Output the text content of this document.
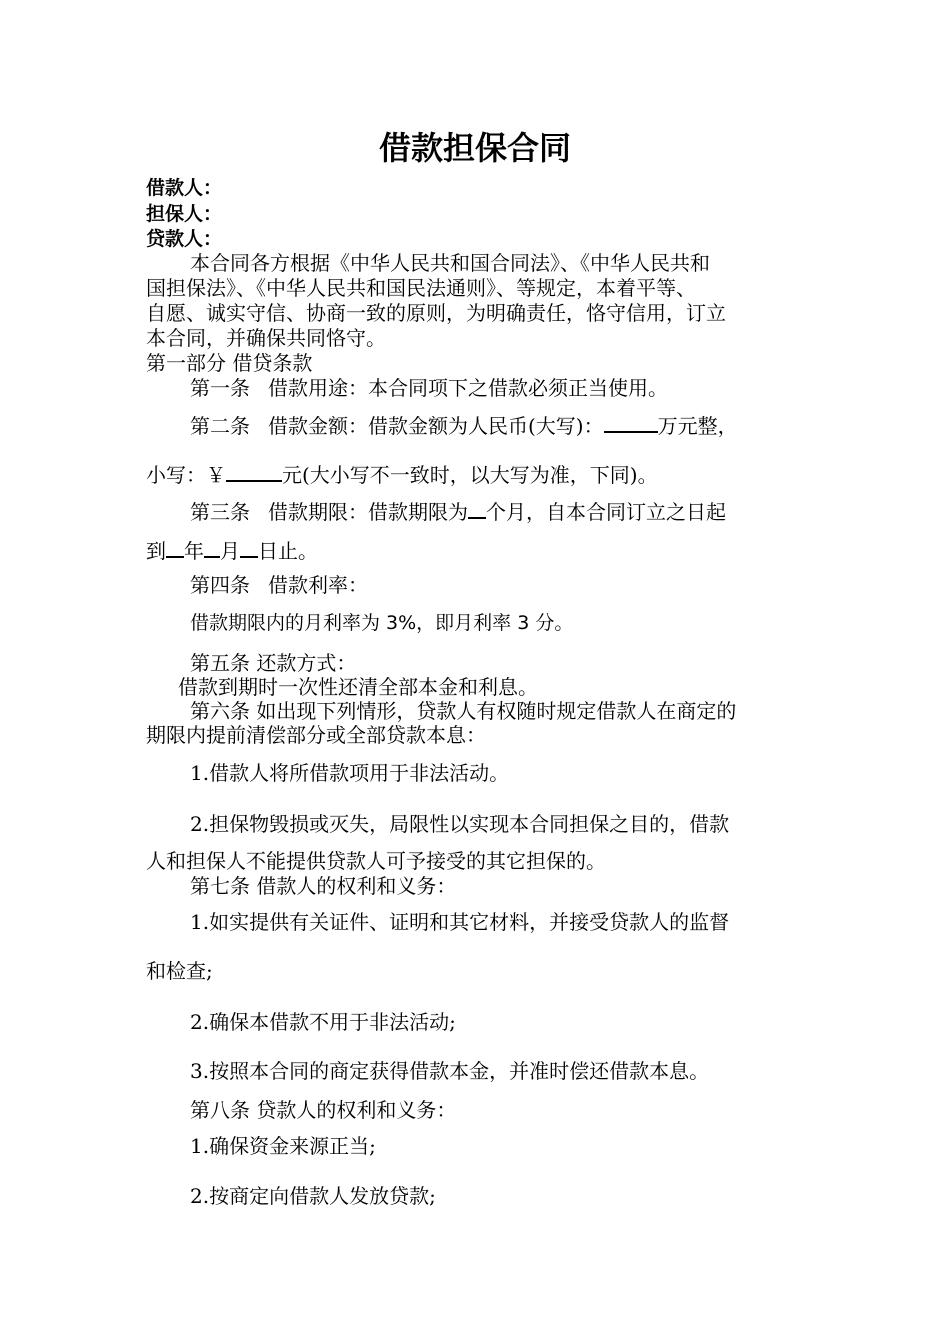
借款担保合同
借款人：
担保人：
贷款人：
本合同各方根据《中华人民共和国合同法》、《中华人民共和
国担保法》、《中华人民共和国民法通则》、等规定，本着平等、
自愿、诚实守信、协商一致的原则，为明确责任，恪守信用，订立
本合同，并确保共同恪守。
第一部分 借贷条款
第一条 借款用途：本合同项下之借款必须正当使用。
第二条 借款金额：借款金额为人民币(大写)：	万元整，
小写：￥	元(大小写不一致时，以大写为准，下同)。
第三条 借款期限：借款期限为 个月，自本合同订立之日起
到 年 月 日止。
第四条 借款利率：
借款期限内的月利率为 3%，即月利率 3 分。
第五条 还款方式：
借款到期时一次性还清全部本金和利息。
第六条 如出现下列情形，贷款人有权随时规定借款人在商定的
期限内提前清偿部分或全部贷款本息：
1.借款人将所借款项用于非法活动。
2.担保物毁损或灭失，局限性以实现本合同担保之目的，借款
人和担保人不能提供贷款人可予接受的其它担保的。
第七条 借款人的权利和义务：
1.如实提供有关证件、证明和其它材料，并接受贷款人的监督
和检查;
2.确保本借款不用于非法活动;
3.按照本合同的商定获得借款本金，并准时偿还借款本息。
第八条 贷款人的权利和义务：
1.确保资金来源正当;
2.按商定向借款人发放贷款;
